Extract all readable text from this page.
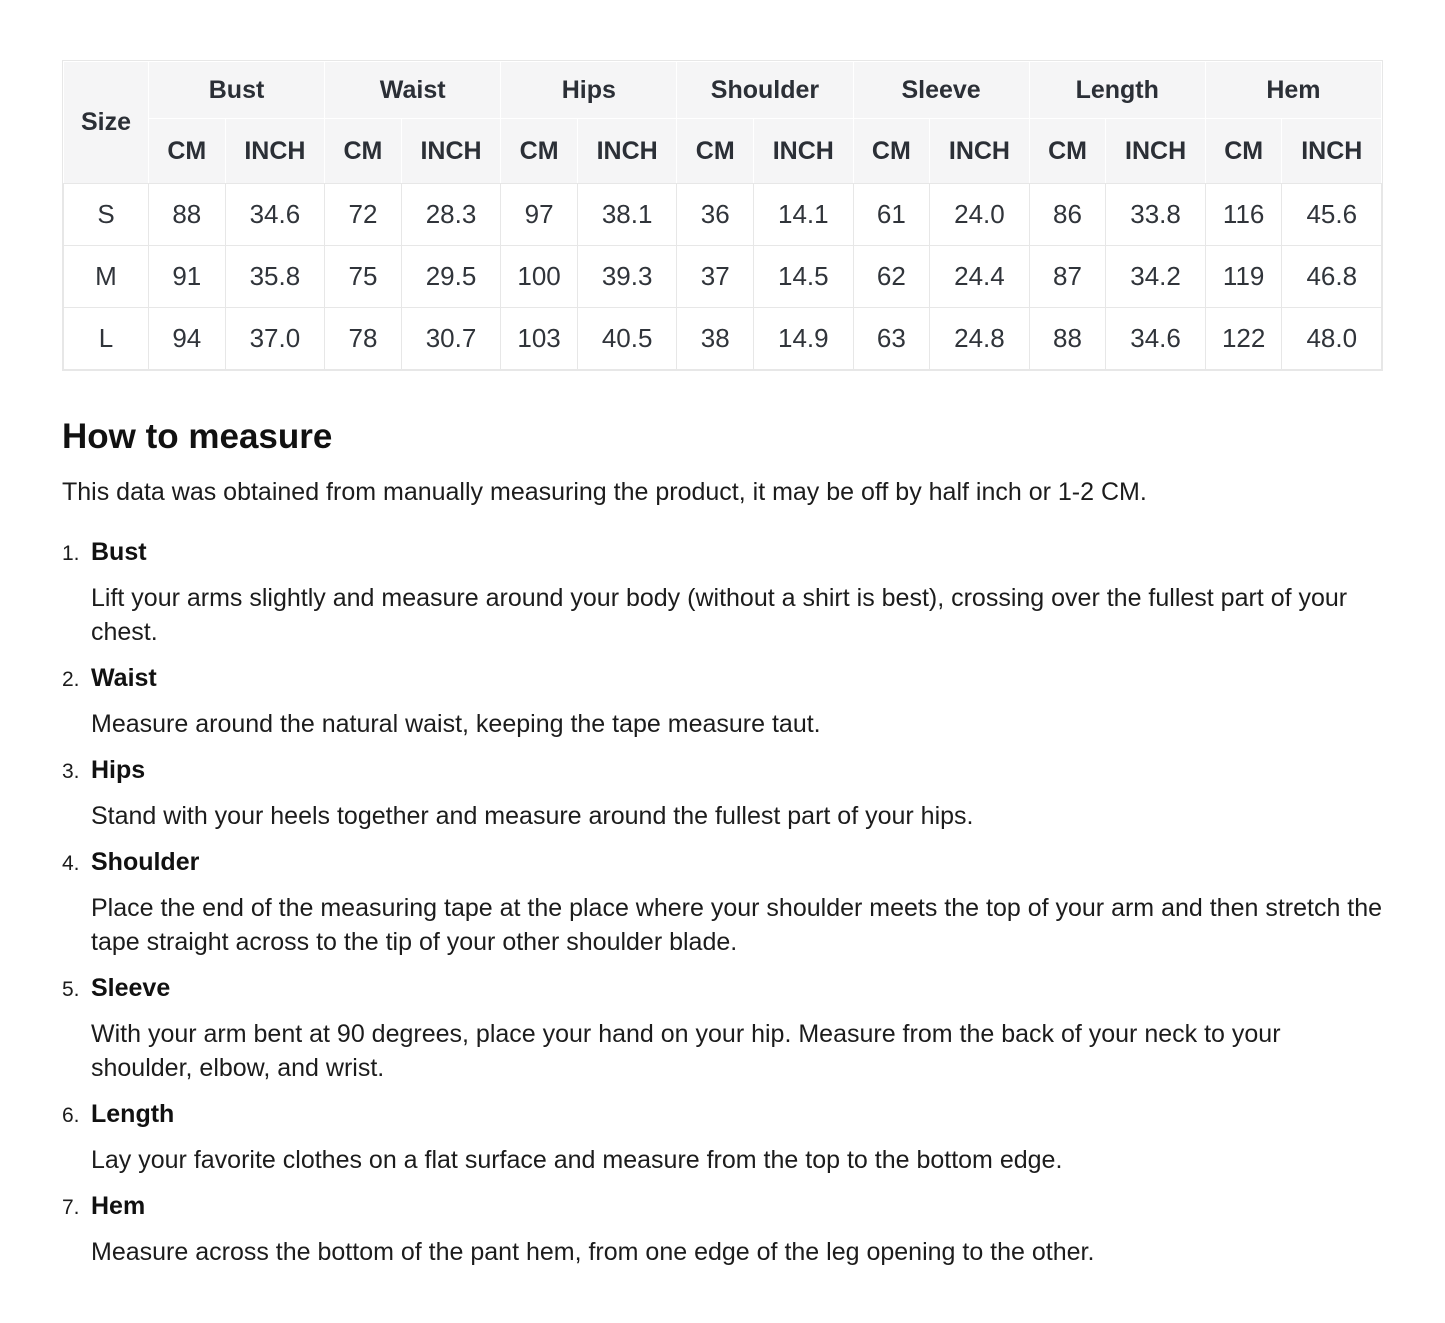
Size	Bust		Waist		Hips		Shoulder		Sleeve		Length		Hem	
	CM	INCH	CM	INCH	CM	INCH	CM	INCH	CM	INCH	CM	INCH	CM	INCH
S	88	34.6	72	28.3	97	38.1	36	14.1	61	24.0	86	33.8	116	45.6
M	91	35.8	75	29.5	100	39.3	37	14.5	62	24.4	87	34.2	119	46.8
L	94	37.0	78	30.7	103	40.5	38	14.9	63	24.8	88	34.6	122	48.0
How to measure

This data was obtained from manually measuring the product, it may be off by half inch or 1-2 CM.

1. Bust

Lift your arms slightly and measure around your body (without a shirt is best), crossing over the fullest part of your chest.

2. Waist

Measure around the natural waist, keeping the tape measure taut.

3. Hips

Stand with your heels together and measure around the fullest part of your hips.

4. Shoulder

Place the end of the measuring tape at the place where your shoulder meets the top of your arm and then stretch the tape straight across to the tip of your other shoulder blade.

5. Sleeve

With your arm bent at 90 degrees, place your hand on your hip. Measure from the back of your neck to your shoulder, elbow, and wrist.

6. Length

Lay your favorite clothes on a flat surface and measure from the top to the bottom edge.

7. Hem

Measure across the bottom of the pant hem, from one edge of the leg opening to the other.
